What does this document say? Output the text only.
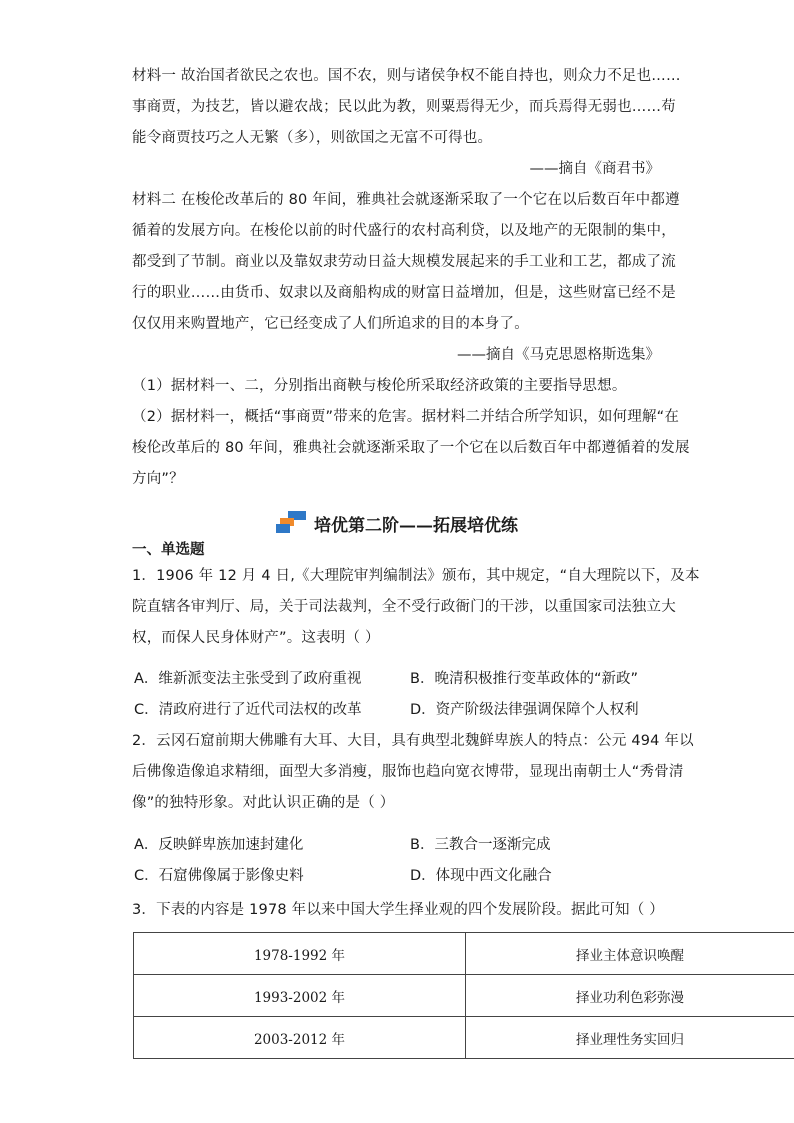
材料一 故治国者欲民之农也。国不农，则与诸侯争权不能自持也，则众力不足也……
事商贾，为技艺，皆以避农战；民以此为教，则粟焉得无少，而兵焉得无弱也……苟
能令商贾技巧之人无繁（多），则欲国之无富不可得也。
——摘自《商君书》
材料二 在梭伦改革后的 80 年间，雅典社会就逐渐采取了一个它在以后数百年中都遵
循着的发展方向。在梭伦以前的时代盛行的农村高利贷，以及地产的无限制的集中，
都受到了节制。商业以及靠奴隶劳动日益大规模发展起来的手工业和工艺，都成了流
行的职业……由货币、奴隶以及商船构成的财富日益增加，但是，这些财富已经不是
仅仅用来购置地产，它已经变成了人们所追求的目的本身了。
——摘自《马克思恩格斯选集》
（1）据材料一、二，分别指出商鞅与梭伦所采取经济政策的主要指导思想。
（2）据材料一，概括“事商贾”带来的危害。据材料二并结合所学知识，如何理解“在
梭伦改革后的 80 年间，雅典社会就逐渐采取了一个它在以后数百年中都遵循着的发展
方向”？
培优第二阶——拓展培优练
一、单选题
1．1906 年 12 月 4 日,《大理院审判编制法》颁布，其中规定，“自大理院以下，及本
院直辖各审判厅、局，关于司法裁判，全不受行政衙门的干涉，以重国家司法独立大
权，而保人民身体财产”。这表明（ ）
A．维新派变法主张受到了政府重视	B．晚清积极推行变革政体的“新政”
C．清政府进行了近代司法权的改革	D．资产阶级法律强调保障个人权利
2．云冈石窟前期大佛雕有大耳、大目，具有典型北魏鲜卑族人的特点：公元 494 年以
后佛像造像追求精细，面型大多消瘦，服饰也趋向宽衣博带，显现出南朝士人“秀骨清
像”的独特形象。对此认识正确的是（ ）
A．反映鲜卑族加速封建化	B．三教合一逐渐完成
C．石窟佛像属于影像史料	D．体现中西文化融合
3．下表的内容是 1978 年以来中国大学生择业观的四个发展阶段。据此可知（ ）
1978-1992 年	择业主体意识唤醒
1993-2002 年	择业功利色彩弥漫
2003-2012 年	择业理性务实回归
